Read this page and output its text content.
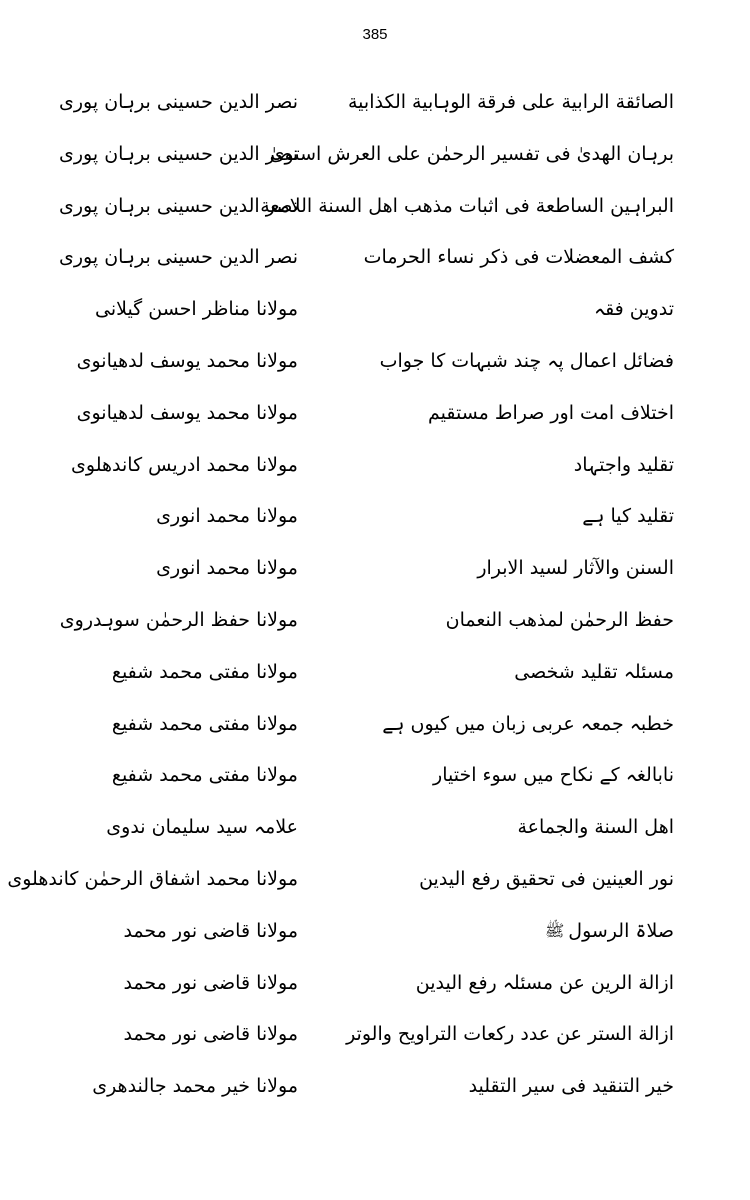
385
الصائقة الرابیة علی فرقة الوہابیة الکذابیة
نصر الدین حسینی برہان پوری
برہان الھدیٰ فی تفسیر الرحمٰن علی العرش استویٰ
نصر الدین حسینی برہان پوری
البراہین الساطعة فی اثبات مذھب اھل السنة اللامعة
نصر الدین حسینی برہان پوری
کشف المعضلات فی ذکر نساء الحرمات
نصر الدین حسینی برہان پوری
تدوین فقہ
مولانا مناظر احسن گیلانی
فضائل اعمال پہ چند شبہات کا جواب
مولانا محمد یوسف لدھیانوی
اختلاف امت اور صراط مستقیم
مولانا محمد یوسف لدھیانوی
تقلید واجتہاد
مولانا محمد ادریس کاندھلوی
تقلید کیا ہے
مولانا محمد انوری
السنن والآثار لسید الابرار
مولانا محمد انوری
حفظ الرحمٰن لمذھب النعمان
مولانا حفظ الرحمٰن سوہدروی
مسئلہ تقلید شخصی
مولانا مفتی محمد شفیع
خطبہ جمعہ عربی زبان میں کیوں ہے
مولانا مفتی محمد شفیع
نابالغہ کے نکاح میں سوء اختیار
مولانا مفتی محمد شفیع
اھل السنة والجماعة
علامہ سید سلیمان ندوی
نور العینین فی تحقیق رفع الیدین
مولانا محمد اشفاق الرحمٰن کاندھلوی
صلاۃ الرسولﷺ
مولانا قاضی نور محمد
ازالة الرین عن مسئلہ رفع الیدین
مولانا قاضی نور محمد
ازالة الستر عن عدد رکعات التراویح والوتر
مولانا قاضی نور محمد
خیر التنقید فی سیر التقلید
مولانا خیر محمد جالندھری
